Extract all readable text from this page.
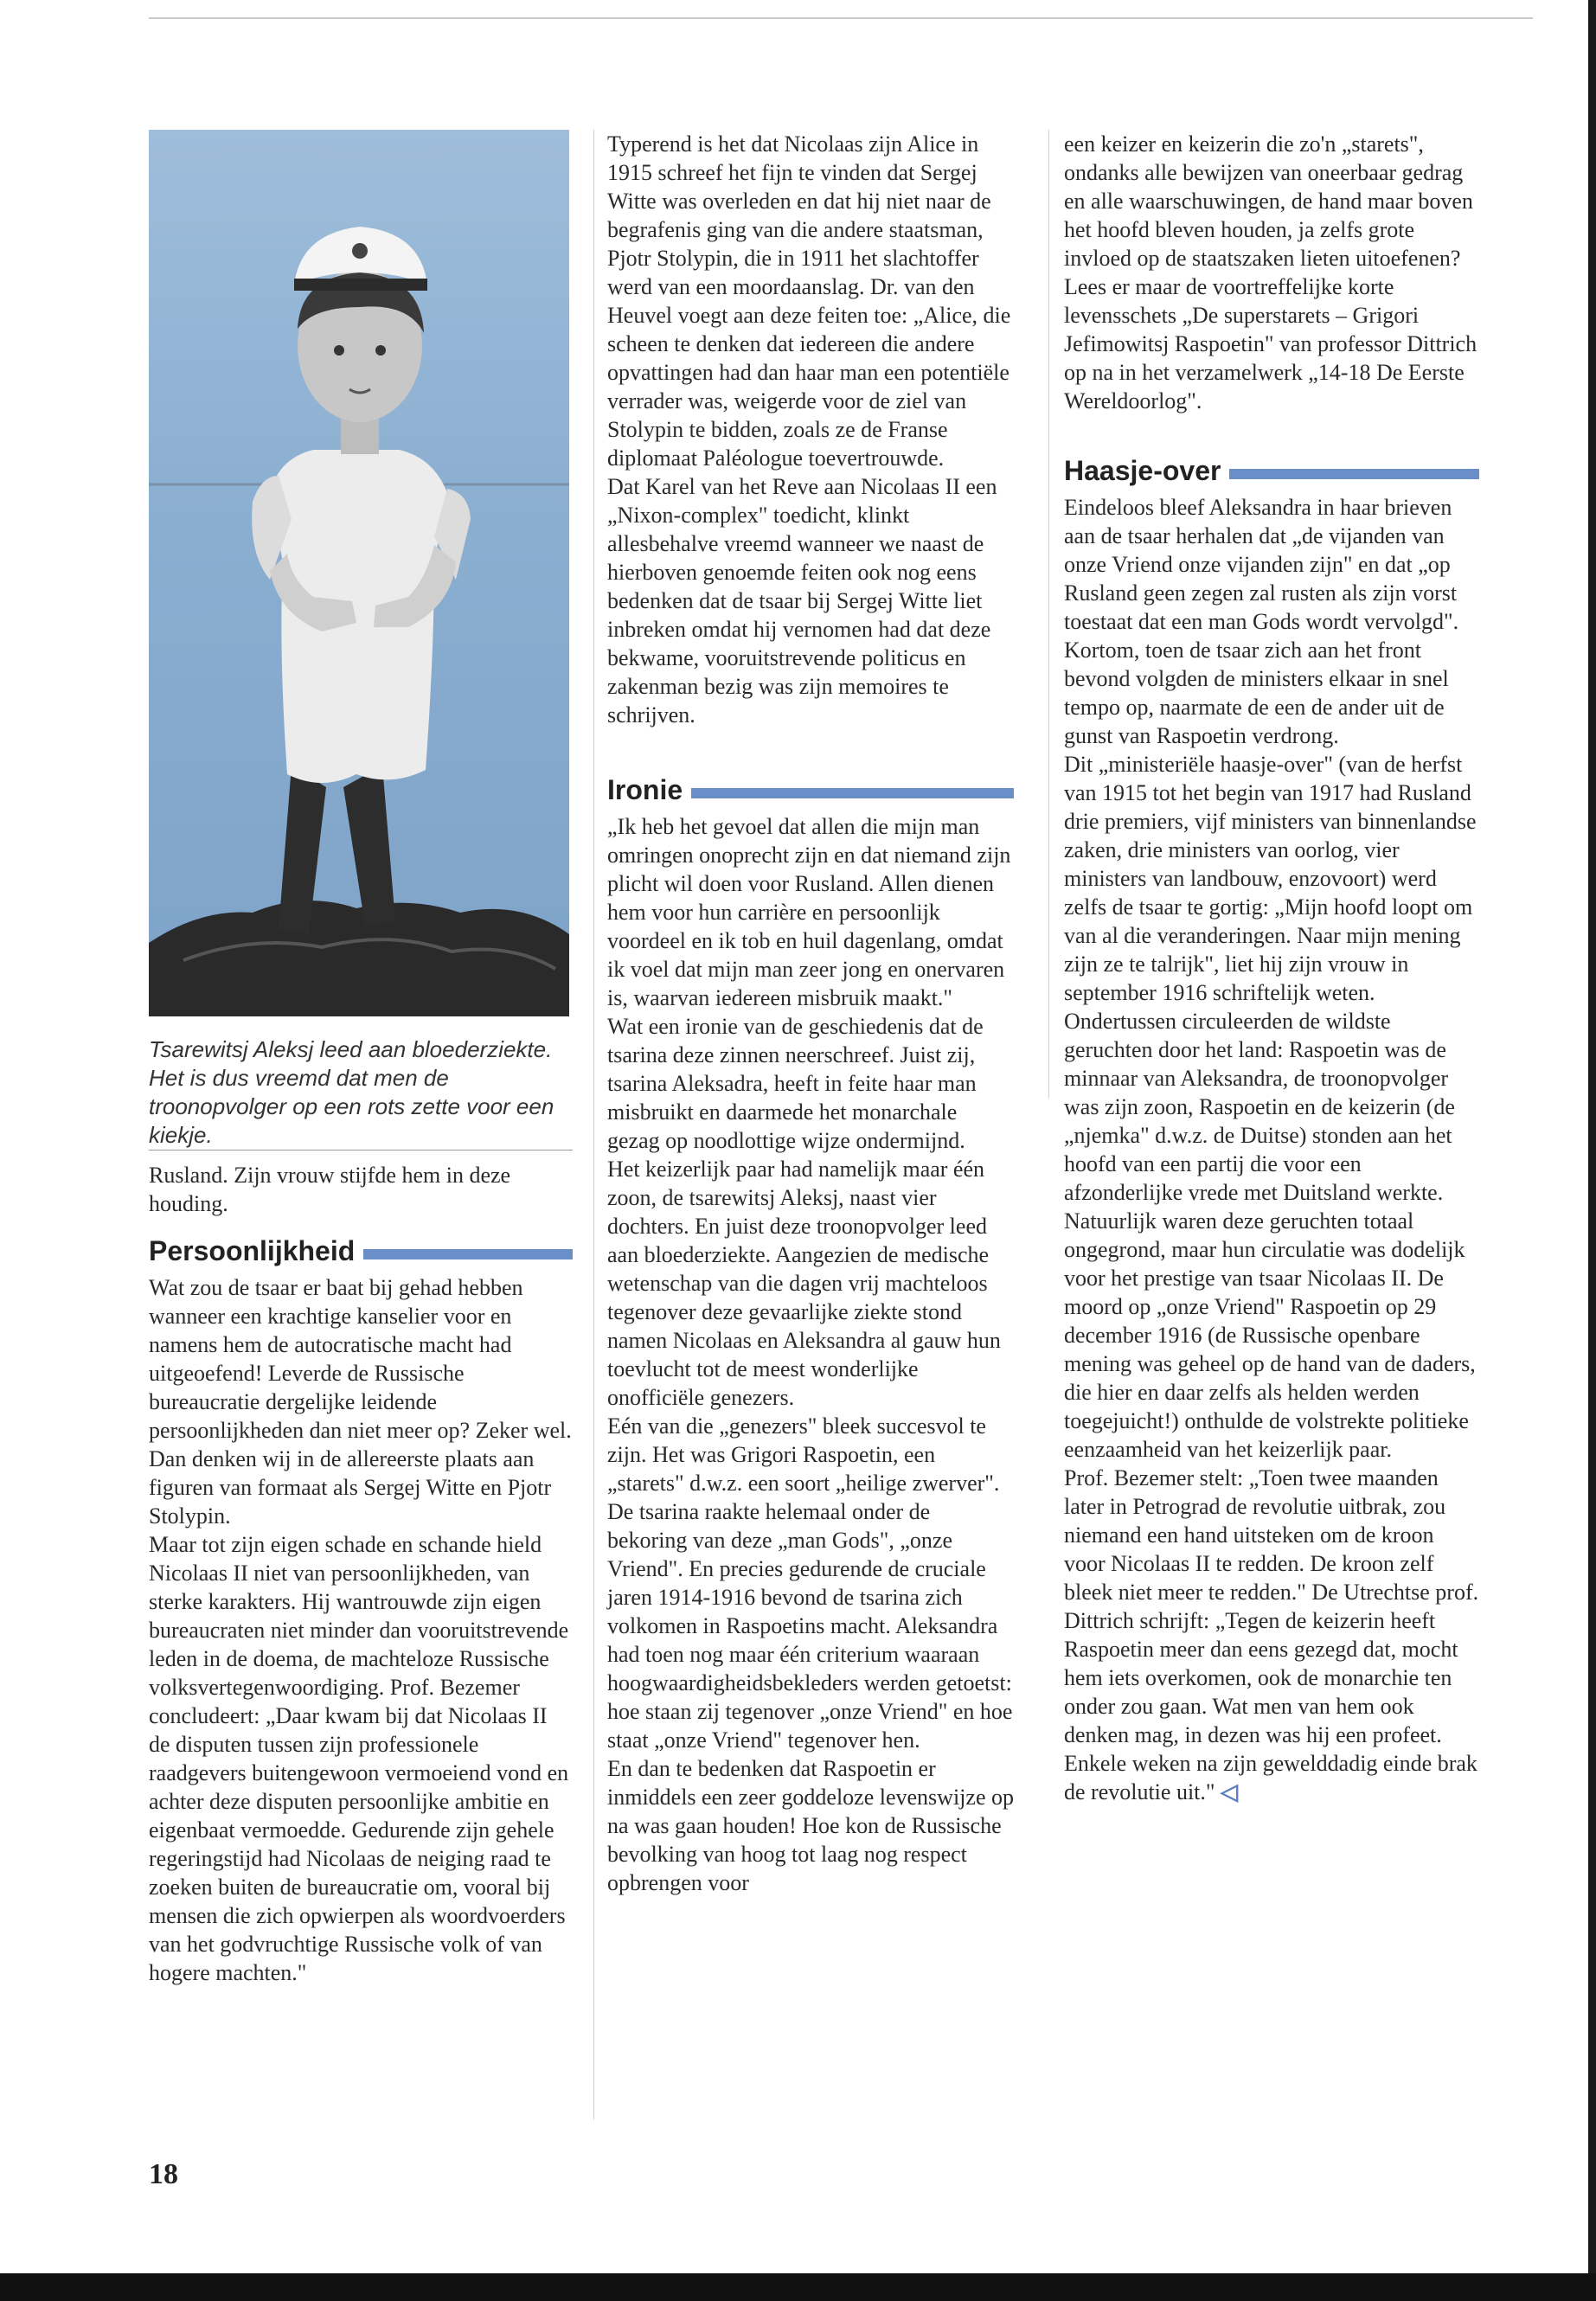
Tsarewitsj Aleksj leed aan bloederziekte. Het is dus vreemd dat men de troonopvolger op een rots zette voor een kiekje.

Rusland. Zijn vrouw stijfde hem in deze houding.

Persoonlijkheid

Wat zou de tsaar er baat bij gehad hebben wanneer een krachtige kanselier voor en namens hem de autocratische macht had uitgeoefend! Leverde de Russische bureaucratie dergelijke leidende persoonlijkheden dan niet meer op? Zeker wel. Dan denken wij in de allereerste plaats aan figuren van formaat als Sergej Witte en Pjotr Stolypin.

Maar tot zijn eigen schade en schande hield Nicolaas II niet van persoonlijkheden, van sterke karakters. Hij wantrouwde zijn eigen bureaucraten niet minder dan vooruitstrevende leden in de doema, de machteloze Russische volksvertegenwoordiging. Prof. Bezemer concludeert: „Daar kwam bij dat Nicolaas II de disputen tussen zijn professionele raadgevers buitengewoon vermoeiend vond en achter deze disputen persoonlijke ambitie en eigenbaat vermoedde. Gedurende zijn gehele regeringstijd had Nicolaas de neiging raad te zoeken buiten de bureaucratie om, vooral bij mensen die zich opwierpen als woordvoerders van het godvruchtige Russische volk of van hogere machten."

Typerend is het dat Nicolaas zijn Alice in 1915 schreef het fijn te vinden dat Sergej Witte was overleden en dat hij niet naar de begrafenis ging van die andere staatsman, Pjotr Stolypin, die in 1911 het slachtoffer werd van een moordaanslag. Dr. van den Heuvel voegt aan deze feiten toe: „Alice, die scheen te denken dat iedereen die andere opvattingen had dan haar man een potentiële verrader was, weigerde voor de ziel van Stolypin te bidden, zoals ze de Franse diplomaat Paléologue toevertrouwde.

Dat Karel van het Reve aan Nicolaas II een „Nixon-complex" toedicht, klinkt allesbehalve vreemd wanneer we naast de hierboven genoemde feiten ook nog eens bedenken dat de tsaar bij Sergej Witte liet inbreken omdat hij vernomen had dat deze bekwame, vooruitstrevende politicus en zakenman bezig was zijn memoires te schrijven.

Ironie

„Ik heb het gevoel dat allen die mijn man omringen onoprecht zijn en dat niemand zijn plicht wil doen voor Rusland. Allen dienen hem voor hun carrière en persoonlijk voordeel en ik tob en huil dagenlang, omdat ik voel dat mijn man zeer jong en onervaren is, waarvan iedereen misbruik maakt."

Wat een ironie van de geschiedenis dat de tsarina deze zinnen neerschreef. Juist zij, tsarina Aleksadra, heeft in feite haar man misbruikt en daarmede het monarchale gezag op noodlottige wijze ondermijnd.

Het keizerlijk paar had namelijk maar één zoon, de tsarewitsj Aleksj, naast vier dochters. En juist deze troonopvolger leed aan bloederziekte. Aangezien de medische wetenschap van die dagen vrij machteloos tegenover deze gevaarlijke ziekte stond namen Nicolaas en Aleksandra al gauw hun toevlucht tot de meest wonderlijke onofficiële genezers.

Eén van die „genezers" bleek succesvol te zijn. Het was Grigori Raspoetin, een „starets" d.w.z. een soort „heilige zwerver". De tsarina raakte helemaal onder de bekoring van deze „man Gods", „onze Vriend". En precies gedurende de cruciale jaren 1914-1916 bevond de tsarina zich volkomen in Raspoetins macht. Aleksandra had toen nog maar één criterium waaraan hoogwaardigheidsbekleders werden getoetst: hoe staan zij tegenover „onze Vriend" en hoe staat „onze Vriend" tegenover hen.

En dan te bedenken dat Raspoetin er inmiddels een zeer goddeloze levenswijze op na was gaan houden! Hoe kon de Russische bevolking van hoog tot laag nog respect opbrengen voor

een keizer en keizerin die zo'n „starets", ondanks alle bewijzen van oneerbaar gedrag en alle waarschuwingen, de hand maar boven het hoofd bleven houden, ja zelfs grote invloed op de staatszaken lieten uitoefenen? Lees er maar de voortreffelijke korte levensschets „De superstarets – Grigori Jefimowitsj Raspoetin" van professor Dittrich op na in het verzamelwerk „14-18 De Eerste Wereldoorlog".

Haasje-over

Eindeloos bleef Aleksandra in haar brieven aan de tsaar herhalen dat „de vijanden van onze Vriend onze vijanden zijn" en dat „op Rusland geen zegen zal rusten als zijn vorst toestaat dat een man Gods wordt vervolgd". Kortom, toen de tsaar zich aan het front bevond volgden de ministers elkaar in snel tempo op, naarmate de een de ander uit de gunst van Raspoetin verdrong.

Dit „ministeriële haasje-over" (van de herfst van 1915 tot het begin van 1917 had Rusland drie premiers, vijf ministers van binnenlandse zaken, drie ministers van oorlog, vier ministers van landbouw, enzovoort) werd zelfs de tsaar te gortig: „Mijn hoofd loopt om van al die veranderingen. Naar mijn mening zijn ze te talrijk", liet hij zijn vrouw in september 1916 schriftelijk weten.

Ondertussen circuleerden de wildste geruchten door het land: Raspoetin was de minnaar van Aleksandra, de troonopvolger was zijn zoon, Raspoetin en de keizerin (de „njemka" d.w.z. de Duitse) stonden aan het hoofd van een partij die voor een afzonderlijke vrede met Duitsland werkte. Natuurlijk waren deze geruchten totaal ongegrond, maar hun circulatie was dodelijk voor het prestige van tsaar Nicolaas II. De moord op „onze Vriend" Raspoetin op 29 december 1916 (de Russische openbare mening was geheel op de hand van de daders, die hier en daar zelfs als helden werden toegejuicht!) onthulde de volstrekte politieke eenzaamheid van het keizerlijk paar.

Prof. Bezemer stelt: „Toen twee maanden later in Petrograd de revolutie uitbrak, zou niemand een hand uitsteken om de kroon voor Nicolaas II te redden. De kroon zelf bleek niet meer te redden." De Utrechtse prof. Dittrich schrijft: „Tegen de keizerin heeft Raspoetin meer dan eens gezegd dat, mocht hem iets overkomen, ook de monarchie ten onder zou gaan. Wat men van hem ook denken mag, in dezen was hij een profeet. Enkele weken na zijn gewelddadig einde brak de revolutie uit." ◁

18
